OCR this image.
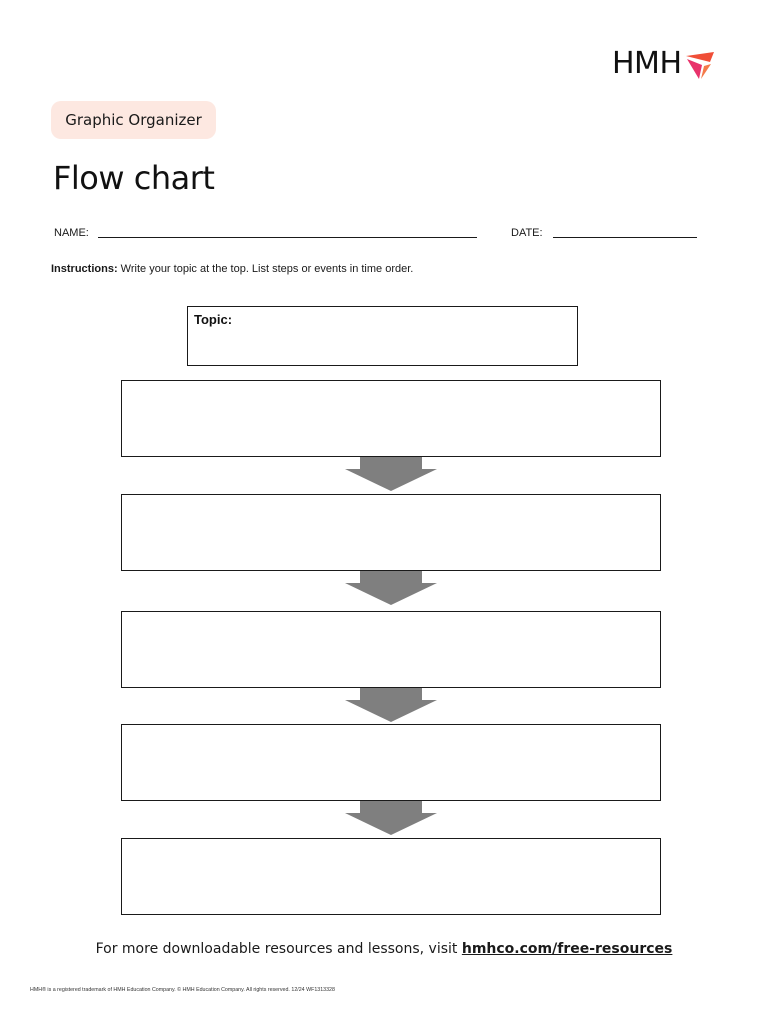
HMH
Graphic Organizer
Flow chart
NAME:	DATE:
Instructions: Write your topic at the top. List steps or events in time order.
Topic:
For more downloadable resources and lessons, visit hmhco.com/free-resources
HMH® is a registered trademark of HMH Education Company. © HMH Education Company. All rights reserved. 12/24 WF1313328
